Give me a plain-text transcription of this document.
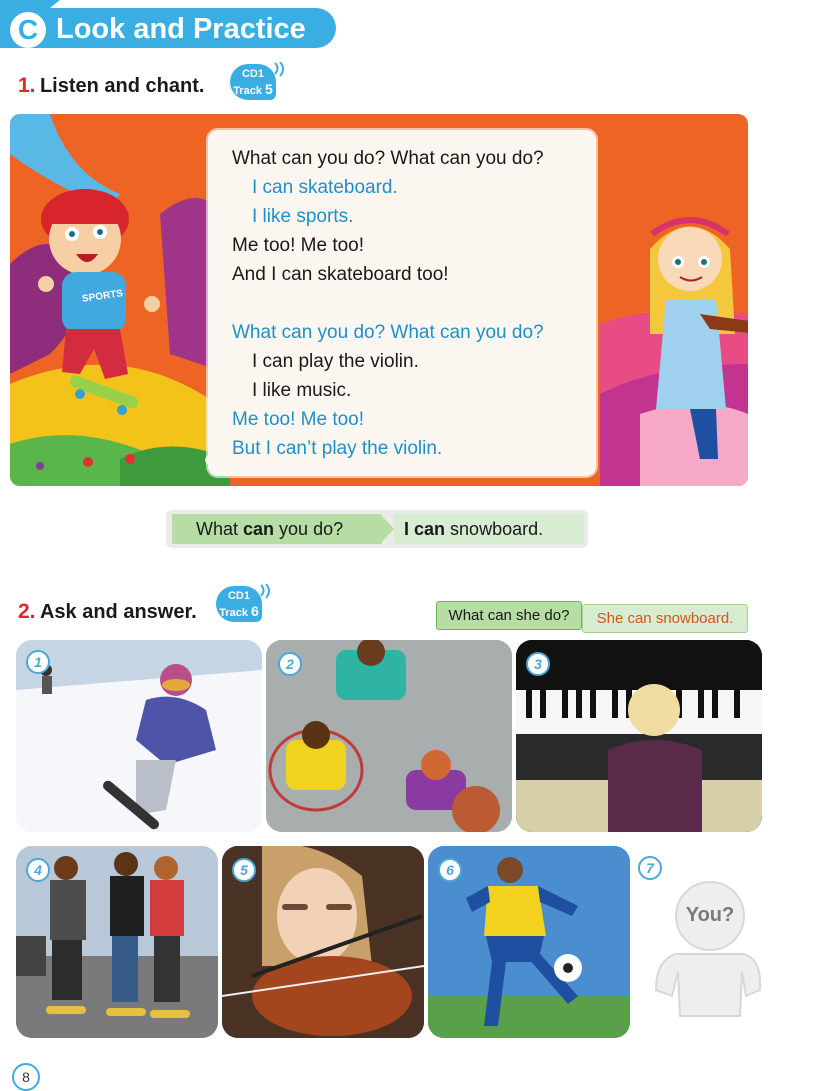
C Look and Practice
1. Listen and chant.
CD1
Track 5
SPORTS
What can you do? What can you do?
I can skateboard.
I like sports.
Me too! Me too!
And I can skateboard too!
What can you do? What can you do?
I can play the violin.
I like music.
Me too! Me too!
But I can’t play the violin.
What can you do?	I can snowboard.
2. Ask and answer.
CD1
Track 6	What can she do?	She can snowboard.
1	2	3
4	5	6	7
You?
8
